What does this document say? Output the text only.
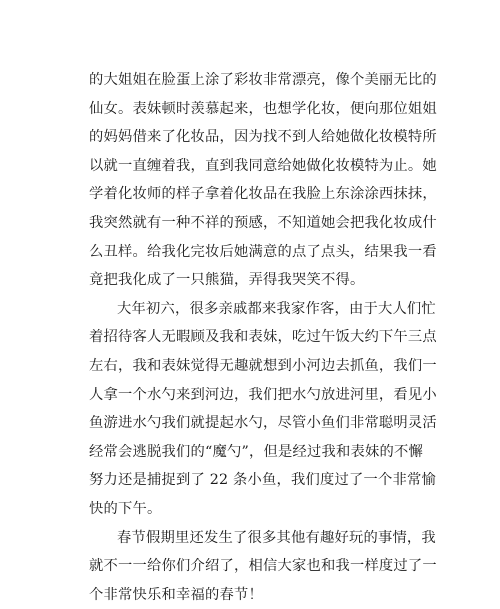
的大姐姐在脸蛋上涂了彩妆非常漂亮，像个美丽无比的
仙女。表妹顿时羡慕起来，也想学化妆，便向那位姐姐
的妈妈借来了化妆品，因为找不到人给她做化妆模特所
以就一直缠着我，直到我同意给她做化妆模特为止。她
学着化妆师的样子拿着化妆品在我脸上东涂涂西抹抹，
我突然就有一种不祥的预感，不知道她会把我化妆成什
么丑样。给我化完妆后她满意的点了点头，结果我一看
竟把我化成了一只熊猫，弄得我哭笑不得。
大年初六，很多亲戚都来我家作客，由于大人们忙
着招待客人无暇顾及我和表妹，吃过午饭大约下午三点
左右，我和表妹觉得无趣就想到小河边去抓鱼，我们一
人拿一个水勺来到河边，我们把水勺放进河里，看见小
鱼游进水勺我们就提起水勺，尽管小鱼们非常聪明灵活
经常会逃脱我们的“魔勺”，但是经过我和表妹的不懈
努力还是捕捉到了 22 条小鱼，我们度过了一个非常愉
快的下午。
春节假期里还发生了很多其他有趣好玩的事情，我
就不一一给你们介绍了，相信大家也和我一样度过了一
个非常快乐和幸福的春节！
